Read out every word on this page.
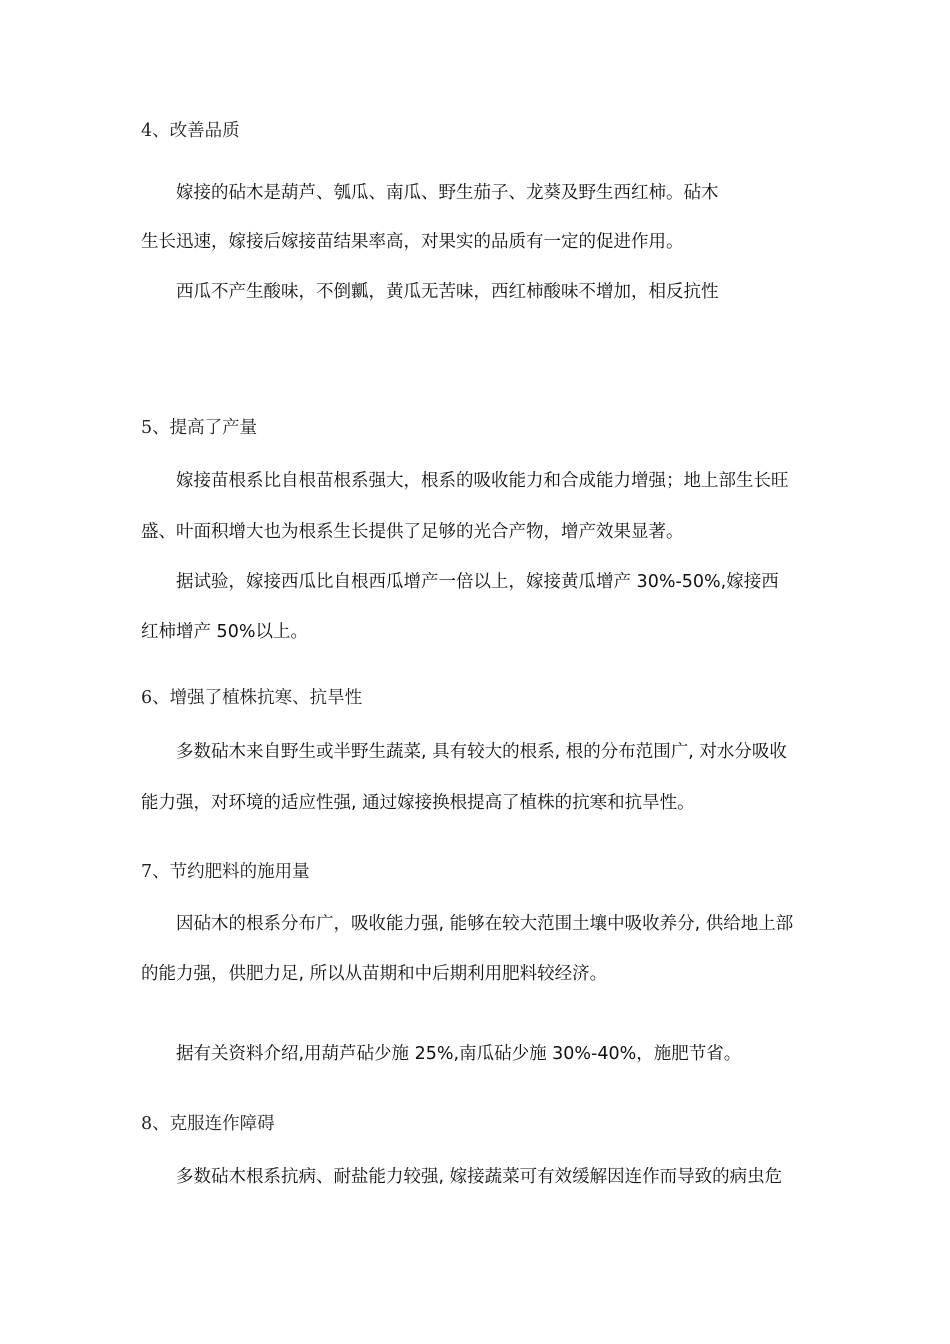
4、改善品质
嫁接的砧木是葫芦、瓠瓜、南瓜、野生茄子、龙葵及野生西红柿。砧木
生长迅速，嫁接后嫁接苗结果率高，对果实的品质有一定的促进作用。
西瓜不产生酸味，不倒瓤，黄瓜无苦味，西红柿酸味不增加，相反抗性
5、提高了产量
嫁接苗根系比自根苗根系强大，根系的吸收能力和合成能力增强；地上部生长旺
盛、叶面积增大也为根系生长提供了足够的光合产物，增产效果显著。
据试验，嫁接西瓜比自根西瓜增产一倍以上，嫁接黄瓜增产 30%-50%,嫁接西
红柿增产 50%以上。
6、增强了植株抗寒、抗旱性
多数砧木来自野生或半野生蔬菜, 具有较大的根系, 根的分布范围广, 对水分吸收
能力强，对环境的适应性强, 通过嫁接换根提高了植株的抗寒和抗旱性。
7、节约肥料的施用量
因砧木的根系分布广，吸收能力强, 能够在较大范围土壤中吸收养分, 供给地上部
的能力强，供肥力足, 所以从苗期和中后期利用肥料较经济。
据有关资料介绍,用葫芦砧少施 25%,南瓜砧少施 30%-40%，施肥节省。
8、克服连作障碍
多数砧木根系抗病、耐盐能力较强, 嫁接蔬菜可有效缓解因连作而导致的病虫危
